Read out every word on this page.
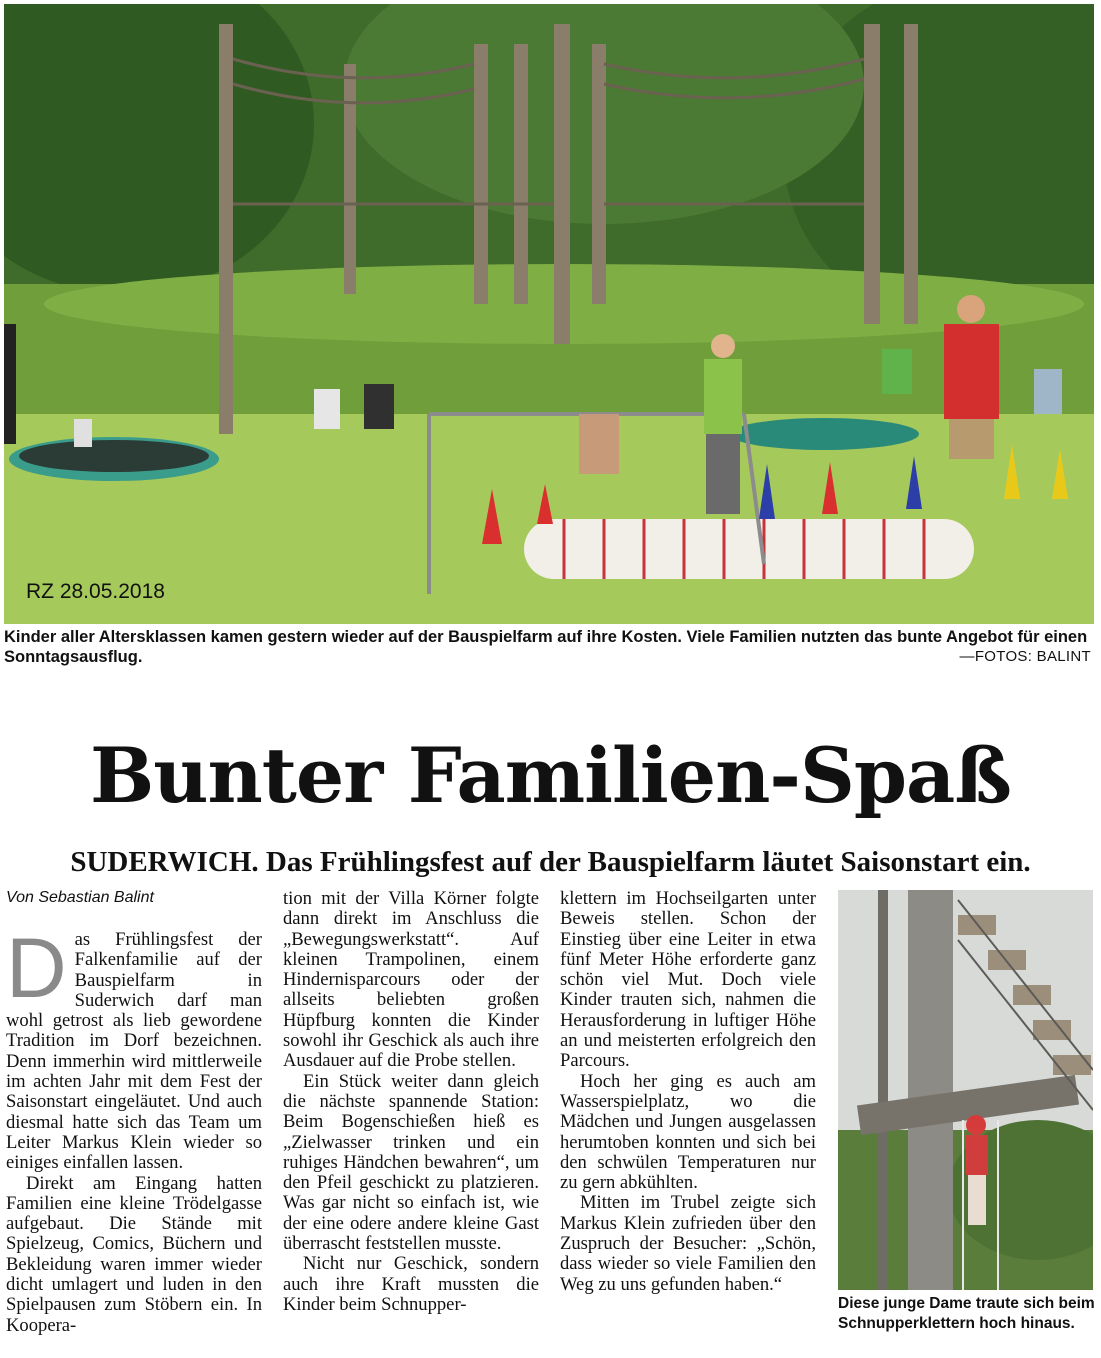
RZ 28.05.2018
Kinder aller Altersklassen kamen gestern wieder auf der Bauspielfarm auf ihre Kosten. Viele Familien nutzten das bunte Angebot für einen Sonntagsausflug.	—FOTOS: BALINT
Bunter Familien-Spaß
SUDERWICH. Das Frühlingsfest auf der Bauspielfarm läutet Saisonstart ein.
Von Sebastian Balint

Das Frühlingsfest der Falkenfamilie auf der Bauspielfarm in Suderwich darf man wohl getrost als lieb gewordene Tradition im Dorf bezeichnen. Denn immerhin wird mittlerweile im achten Jahr mit dem Fest der Saisonstart eingeläutet. Und auch diesmal hatte sich das Team um Leiter Markus Klein wieder so einiges einfallen lassen.

Direkt am Eingang hatten Familien eine kleine Trödelgasse aufgebaut. Die Stände mit Spielzeug, Comics, Büchern und Bekleidung waren immer wieder dicht umlagert und luden in den Spielpausen zum Stöbern ein. In Koopera-

tion mit der Villa Körner folgte dann direkt im Anschluss die „Bewegungswerkstatt“. Auf kleinen Trampolinen, einem Hindernisparcours oder der allseits beliebten großen Hüpfburg konnten die Kinder sowohl ihr Geschick als auch ihre Ausdauer auf die Probe stellen.

Ein Stück weiter dann gleich die nächste spannende Station: Beim Bogenschießen hieß es „Zielwasser trinken und ein ruhiges Händchen bewahren“, um den Pfeil geschickt zu platzieren. Was gar nicht so einfach ist, wie der eine odere andere kleine Gast überrascht feststellen musste.

Nicht nur Geschick, sondern auch ihre Kraft mussten die Kinder beim Schnupper-

klettern im Hochseilgarten unter Beweis stellen. Schon der Einstieg über eine Leiter in etwa fünf Meter Höhe erforderte ganz schön viel Mut. Doch viele Kinder trauten sich, nahmen die Herausforderung in luftiger Höhe an und meisterten erfolgreich den Parcours.

Hoch her ging es auch am Wasserspielplatz, wo die Mädchen und Jungen ausgelassen herumtoben konnten und sich bei den schwülen Temperaturen nur zu gern abkühlten.

Mitten im Trubel zeigte sich Markus Klein zufrieden über den Zuspruch der Besucher: „Schön, dass wieder so viele Familien den Weg zu uns gefunden haben.“

Diese junge Dame traute sich beim Schnupperklettern hoch hinaus.
